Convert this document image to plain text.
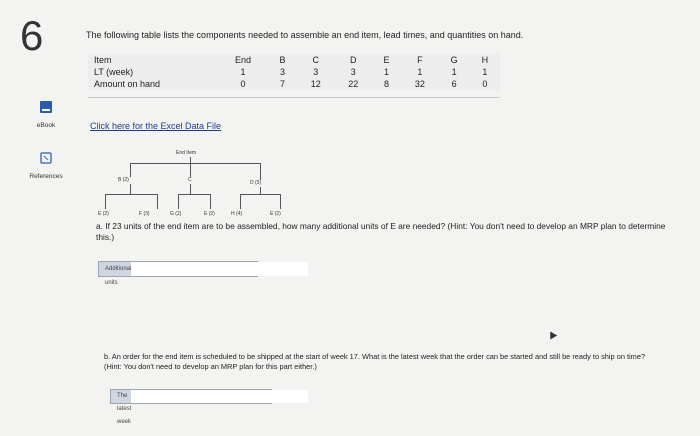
6	The following table lists the components needed to assemble an end item, lead times, and quantities on hand.
eBook
References
Item	End	B	C	D	E	F	G	H
LT (week)	1	3	3	3	1	1	1	1
Amount on hand	0	7	12	22	8	32	6	0
Click here for the Excel Data File
End Item
B (2)	C	D (3)
E (2)	F (3)	G (2)	E (2)	H (4)	E (2)
a. If 23 units of the end item are to be assembled, how many additional units of E are needed? (Hint: You don't need to develop an MRP plan to determine this.)
Additional units
b. An order for the end item is scheduled to be shipped at the start of week 17. What is the latest week that the order can be started and still be ready to ship on time? (Hint: You don't need to develop an MRP plan for this part either.)
The latest week
